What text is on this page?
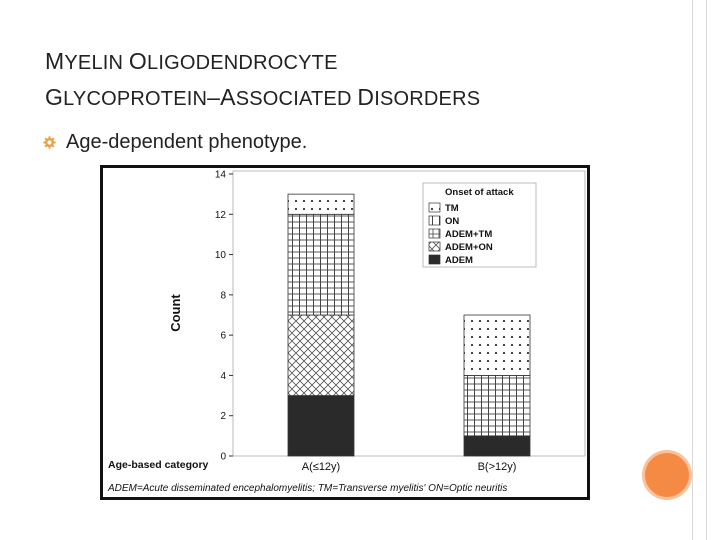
MYELIN OLIGODENDROCYTE
GLYCOPROTEIN–ASSOCIATED DISORDERS
Age-dependent phenotype.
0
2
4
6
8
10
12
14
A(≤12y)	B(>12y)
Onset of attack
TM
ON
ADEM+TM
ADEM+ON
ADEM
Count
Age-based category
ADEM=Acute disseminated encephalomyelitis; TM=Transverse myelitis' ON=Optic neuritis
